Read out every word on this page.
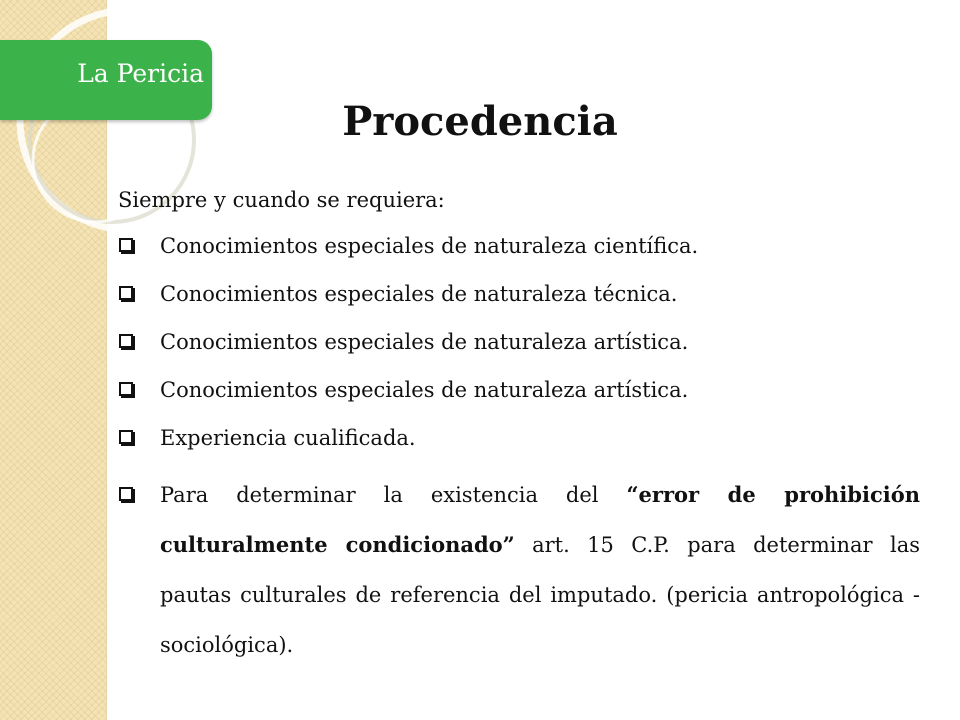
La Pericia
Procedencia
Siempre y cuando se requiera:
Conocimientos especiales de naturaleza científica.
Conocimientos especiales de naturaleza técnica.
Conocimientos especiales de naturaleza artística.
Conocimientos especiales de naturaleza artística.
Experiencia cualificada.
Para determinar la existencia del “error de prohibición culturalmente condicionado” art. 15 C.P. para determinar las pautas culturales de referencia del imputado. (pericia antropológica - sociológica).
